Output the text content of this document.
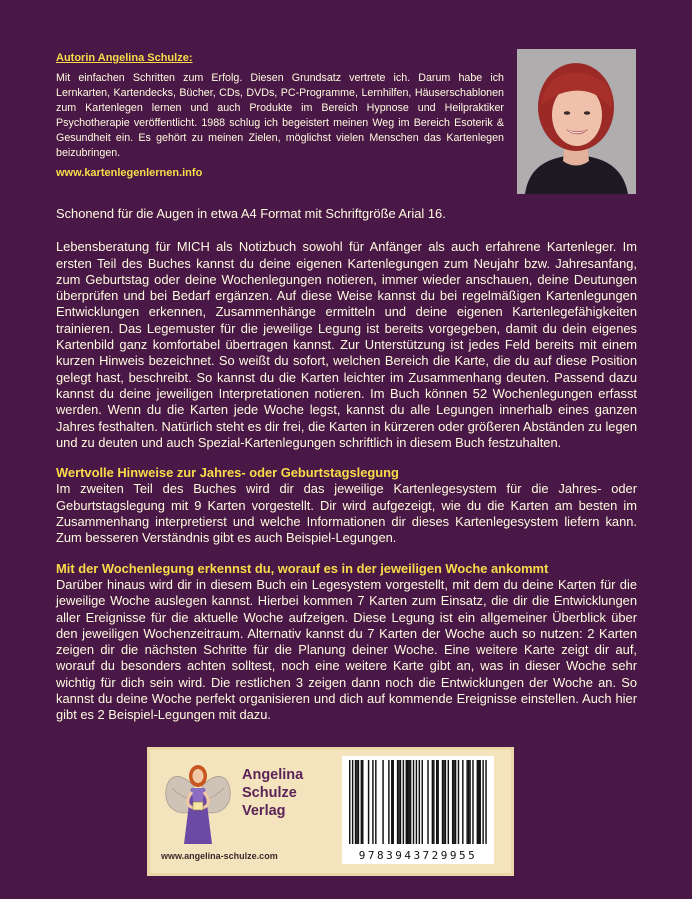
Autorin Angelina Schulze:

Mit einfachen Schritten zum Erfolg. Diesen Grundsatz vertrete ich. Darum habe ich Lernkarten, Kartendecks, Bücher, CDs, DVDs, PC-Programme, Lernhilfen, Häuserschablonen zum Kartenlegen lernen und auch Produkte im Bereich Hypnose und Heilpraktiker Psychotherapie veröffentlicht. 1988 schlug ich begeistert meinen Weg im Bereich Esoterik & Gesundheit ein. Es gehört zu meinen Zielen, möglichst vielen Menschen das Kartenlegen beizubringen.

www.kartenlegenlernen.info

Schonend für die Augen in etwa A4 Format mit Schriftgröße Arial 16.

Lebensberatung für MICH als Notizbuch sowohl für Anfänger als auch erfahrene Kartenleger. Im ersten Teil des Buches kannst du deine eigenen Kartenlegungen zum Neujahr bzw. Jahresanfang, zum Geburtstag oder deine Wochenlegungen notieren, immer wieder anschauen, deine Deutungen überprüfen und bei Bedarf ergänzen. Auf diese Weise kannst du bei regelmäßigen Kartenlegungen Entwicklungen erkennen, Zusammenhänge ermitteln und deine eigenen Kartenlegefähigkeiten trainieren. Das Legemuster für die jeweilige Legung ist bereits vorgegeben, damit du dein eigenes Kartenbild ganz komfortabel übertragen kannst. Zur Unterstützung ist jedes Feld bereits mit einem kurzen Hinweis bezeichnet. So weißt du sofort, welchen Bereich die Karte, die du auf diese Position gelegt hast, beschreibt. So kannst du die Karten leichter im Zusammenhang deuten. Passend dazu kannst du deine jeweiligen Interpretationen notieren. Im Buch können 52 Wochenlegungen erfasst werden. Wenn du die Karten jede Woche legst, kannst du alle Legungen innerhalb eines ganzen Jahres festhalten. Natürlich steht es dir frei, die Karten in kürzeren oder größeren Abständen zu legen und zu deuten und auch Spezial-Kartenlegungen schriftlich in diesem Buch festzuhalten.

Wertvolle Hinweise zur Jahres- oder Geburtstagslegung

Im zweiten Teil des Buches wird dir das jeweilige Kartenlegesystem für die Jahres- oder Geburtstagslegung mit 9 Karten vorgestellt. Dir wird aufgezeigt, wie du die Karten am besten im Zusammenhang interpretierst und welche Informationen dir dieses Kartenlegesystem liefern kann. Zum besseren Verständnis gibt es auch Beispiel-Legungen.

Mit der Wochenlegung erkennst du, worauf es in der jeweiligen Woche ankommt

Darüber hinaus wird dir in diesem Buch ein Legesystem vorgestellt, mit dem du deine Karten für die jeweilige Woche auslegen kannst. Hierbei kommen 7 Karten zum Einsatz, die dir die Entwicklungen aller Ereignisse für die aktuelle Woche aufzeigen. Diese Legung ist ein allgemeiner Überblick über den jeweiligen Wochenzeitraum. Alternativ kannst du 7 Karten der Woche auch so nutzen: 2 Karten zeigen dir die nächsten Schritte für die Planung deiner Woche. Eine weitere Karte zeigt dir auf, worauf du besonders achten solltest, noch eine weitere Karte gibt an, was in dieser Woche sehr wichtig für dich sein wird. Die restlichen 3 zeigen dann noch die Entwicklungen der Woche an. So kannst du deine Woche perfekt organisieren und dich auf kommende Ereignisse einstellen. Auch hier gibt es 2 Beispiel-Legungen mit dazu.

Angelina
Schulze
Verlag

www.angelina-schulze.com	9783943729955
